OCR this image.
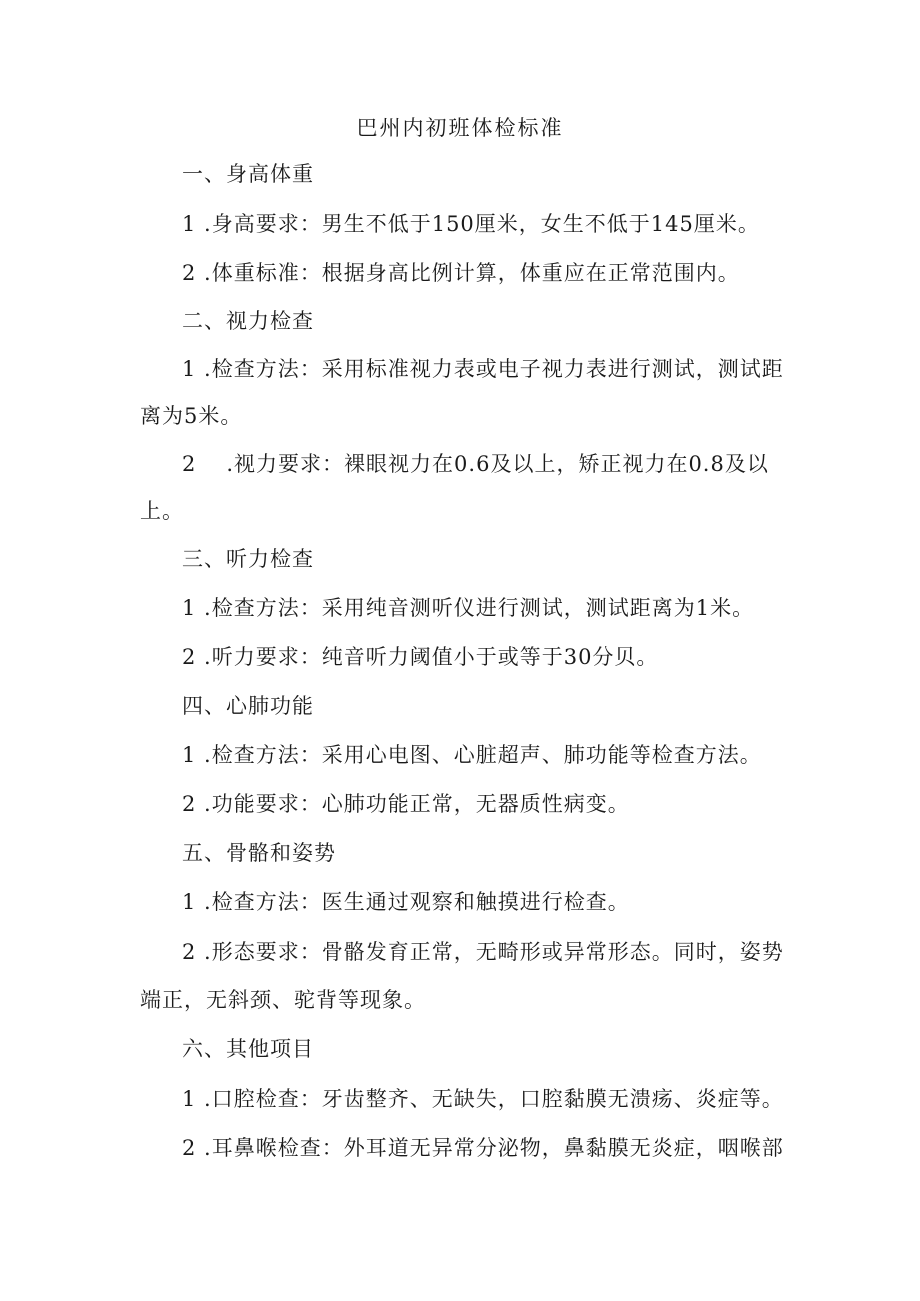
巴州内初班体检标准
一、身高体重
1 .身高要求：男生不低于150厘米，女生不低于145厘米。
2 .体重标准：根据身高比例计算，体重应在正常范围内。
二、视力检查
1 .检查方法：采用标准视力表或电子视力表进行测试，测试距
离为5米。
2 .视力要求：裸眼视力在0.6及以上，矫正视力在0.8及以
上。
三、听力检查
1 .检查方法：采用纯音测听仪进行测试，测试距离为1米。
2 .听力要求：纯音听力阈值小于或等于30分贝。
四、心肺功能
1 .检查方法：采用心电图、心脏超声、肺功能等检查方法。
2 .功能要求：心肺功能正常，无器质性病变。
五、骨骼和姿势
1 .检查方法：医生通过观察和触摸进行检查。
2 .形态要求：骨骼发育正常，无畸形或异常形态。同时，姿势
端正，无斜颈、驼背等现象。
六、其他项目
1 .口腔检查：牙齿整齐、无缺失，口腔黏膜无溃疡、炎症等。
2 .耳鼻喉检查：外耳道无异常分泌物，鼻黏膜无炎症，咽喉部
